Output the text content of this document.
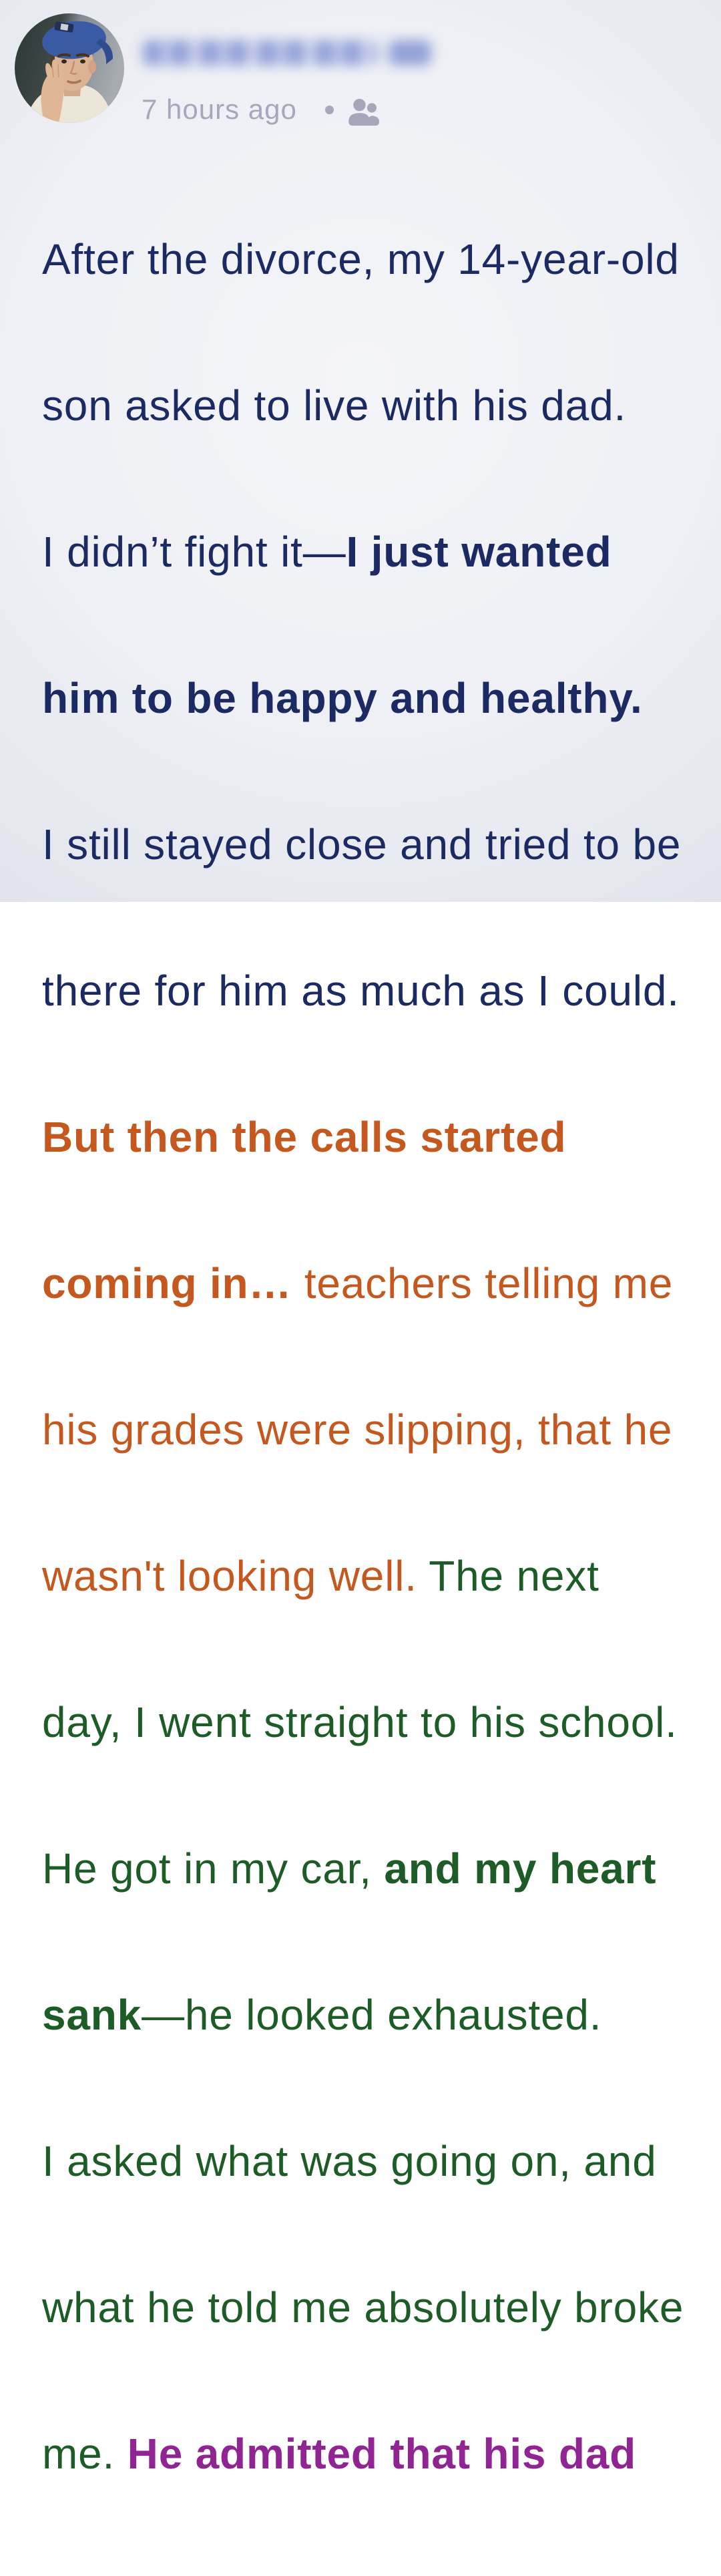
7 hours ago

After the divorce, my 14-year-old

son asked to live with his dad.

I didn’t fight it—I just wanted

him to be happy and healthy.

I still stayed close and tried to be

there for him as much as I could.

But then the calls started

coming in… teachers telling me

his grades were slipping, that he

wasn't looking well. The next

day, I went straight to his school.

He got in my car, and my heart

sank—he looked exhausted.

I asked what was going on, and

what he told me absolutely broke

me. He admitted that his dad
